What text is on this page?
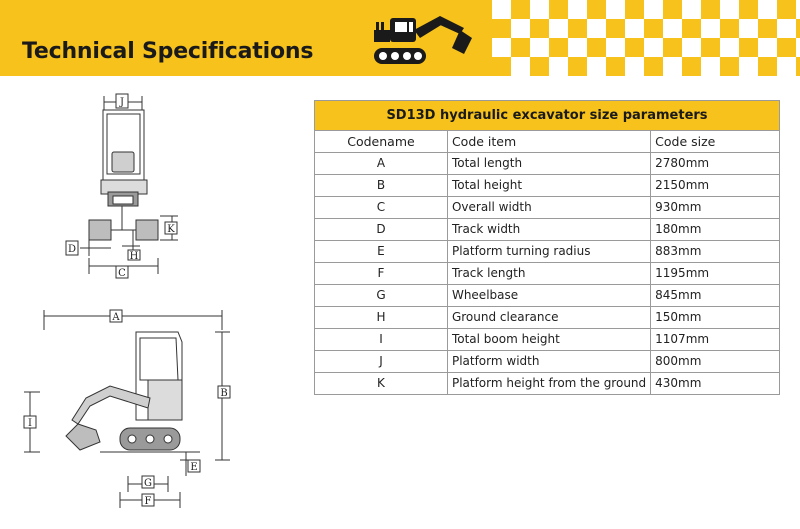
Technical Specifications
J
K
D
H
C
A
B
I
E
G
F
SD13D hydraulic excavator size parameters		
Codename	Code item	Code size
A	Total length	2780mm
B	Total height	2150mm
C	Overall width	930mm
D	Track width	180mm
E	Platform turning radius	883mm
F	Track length	1195mm
G	Wheelbase	845mm
H	Ground clearance	150mm
I	Total boom height	1107mm
J	Platform width	800mm
K	Platform height from the ground	430mm
